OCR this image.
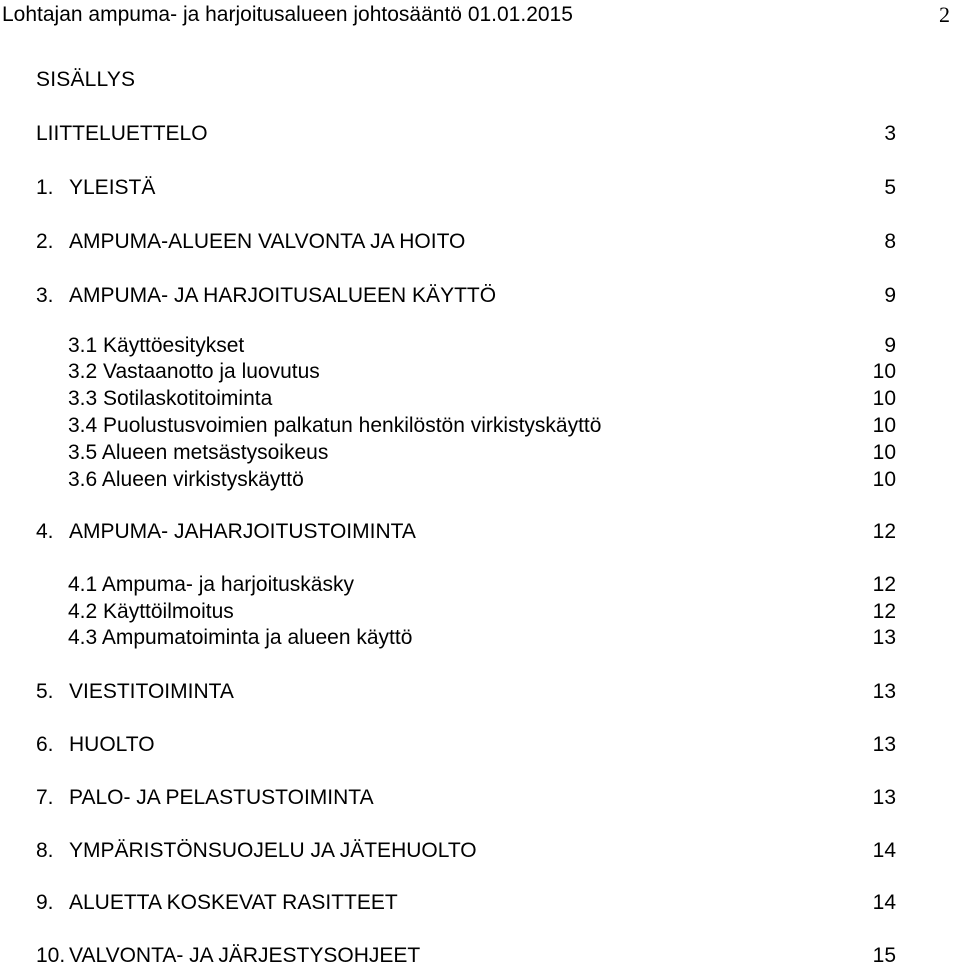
Lohtajan ampuma- ja harjoitusalueen johtosääntö 01.01.2015	2
SISÄLLYS
LIITTELUETTELO	3
1. YLEISTÄ	5
2. AMPUMA-ALUEEN VALVONTA JA HOITO	8
3. AMPUMA- JA HARJOITUSALUEEN KÄYTTÖ	9
3.1 Käyttöesitykset	9
3.2 Vastaanotto ja luovutus	10
3.3 Sotilaskotitoiminta	10
3.4 Puolustusvoimien palkatun henkilöstön virkistyskäyttö	10
3.5 Alueen metsästysoikeus	10
3.6 Alueen virkistyskäyttö	10
4. AMPUMA- JAHARJOITUSTOIMINTA	12
4.1 Ampuma- ja harjoituskäsky	12
4.2 Käyttöilmoitus	12
4.3 Ampumatoiminta ja alueen käyttö	13
5. VIESTITOIMINTA	13
6. HUOLTO	13
7. PALO- JA PELASTUSTOIMINTA	13
8. YMPÄRISTÖNSUOJELU JA JÄTEHUOLTO	14
9. ALUETTA KOSKEVAT RASITTEET	14
10. VALVONTA- JA JÄRJESTYSOHJEET	15
